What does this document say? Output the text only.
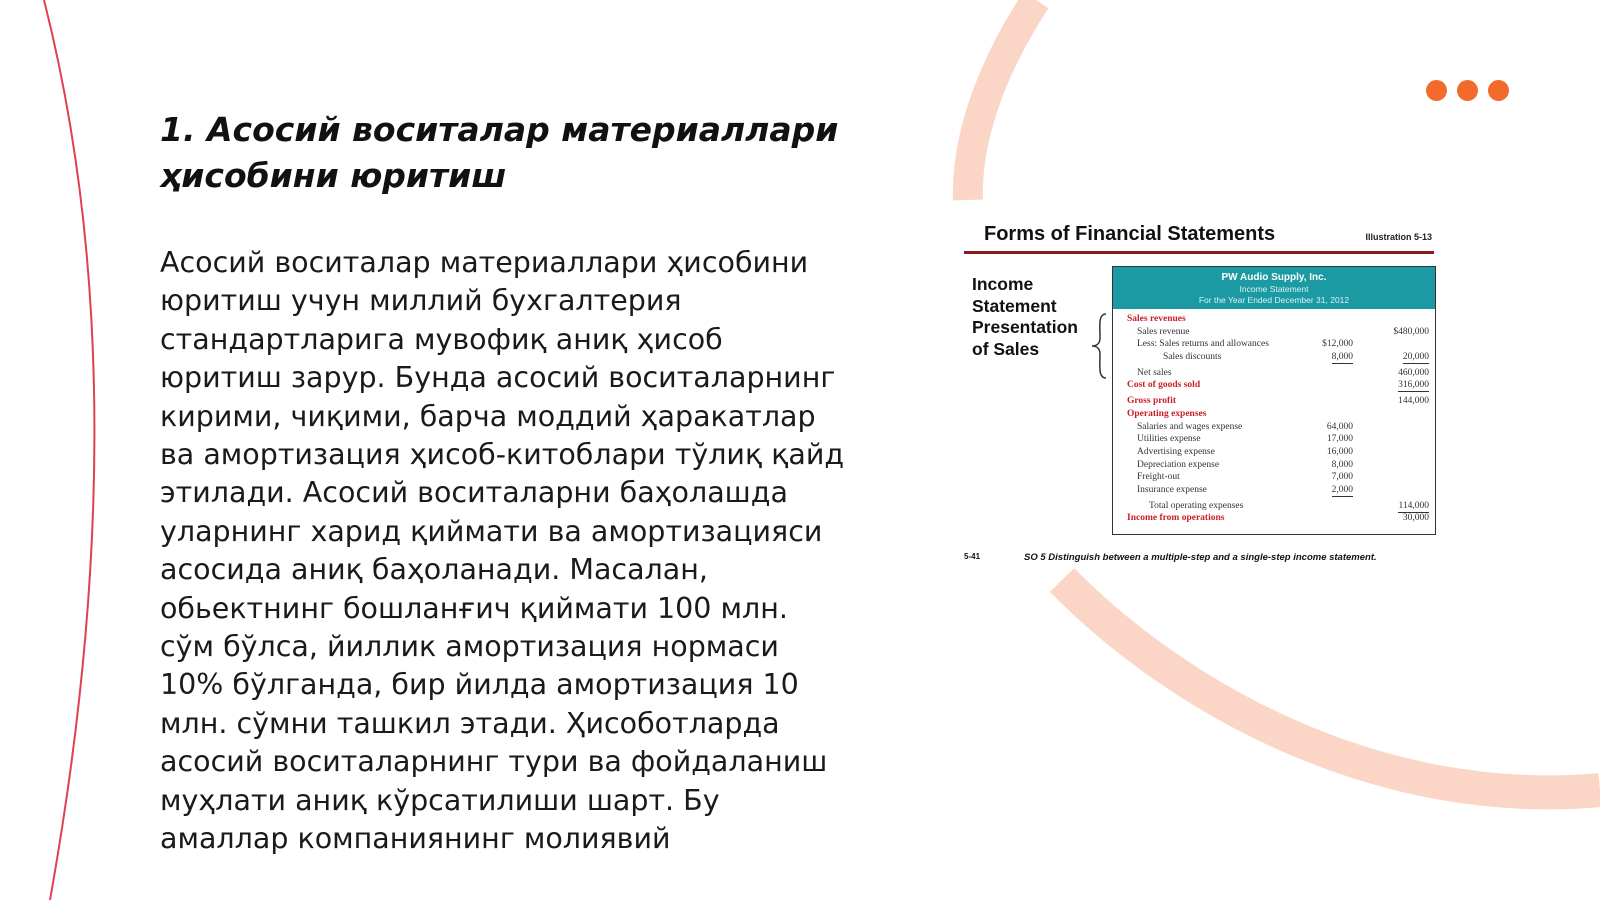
1. Асосий воситалар материаллари ҳисобини юритиш

Асосий воситалар материаллари ҳисобини юритиш учун миллий бухгалтерия стандартларига мувофиқ аниқ ҳисоб юритиш зарур. Бунда асосий воситаларнинг кирими, чиқими, барча моддий ҳаракатлар ва амортизация ҳисоб-китоблари тўлиқ қайд этилади. Асосий воситаларни баҳолашда уларнинг харид қиймати ва амортизацияси асосида аниқ баҳоланади. Масалан, обьектнинг бошланғич қиймати 100 млн. сўм бўлса, йиллик амортизация нормаси 10% бўлганда, бир йилда амортизация 10 млн. сўмни ташкил этади. Ҳисоботларда асосий воситаларнинг тури ва фойдаланиш муҳлати аниқ кўрсатилиши шарт. Бу амаллар компаниянинг молиявий

Forms of Financial Statements	Illustration 5-13
Income Statement Presentation of Sales
PW Audio Supply, Inc.
Income Statement
For the Year Ended December 31, 2012
Sales revenues
Sales revenue	$480,000
Less: Sales returns and allowances	$12,000
Sales discounts	8,000	20,000
Net sales	460,000
Cost of goods sold	316,000
Gross profit	144,000
Operating expenses
Salaries and wages expense	64,000
Utilities expense	17,000
Advertising expense	16,000
Depreciation expense	8,000
Freight-out	7,000
Insurance expense	2,000
Total operating expenses	114,000
Income from operations	30,000
5-41	SO 5 Distinguish between a multiple-step and a single-step income statement.
